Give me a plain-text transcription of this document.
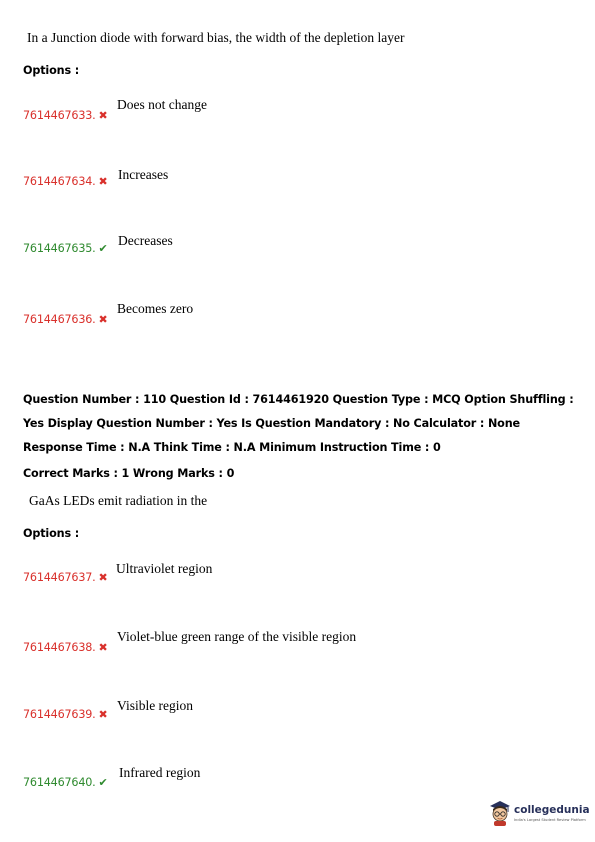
In a Junction diode with forward bias, the width of the depletion layer
Options :
Does not change
7614467633. ✖
Increases
7614467634. ✖
Decreases
7614467635. ✔
Becomes zero
7614467636. ✖
Question Number : 110 Question Id : 7614461920 Question Type : MCQ Option Shuffling : Yes Display Question Number : Yes Is Question Mandatory : No Calculator : None Response Time : N.A Think Time : N.A Minimum Instruction Time : 0
Correct Marks : 1 Wrong Marks : 0
GaAs LEDs emit radiation in the
Options :
Ultraviolet region
7614467637. ✖
Violet-blue green range of the visible region
7614467638. ✖
Visible region
7614467639. ✖
Infrared region
7614467640. ✔
collegedunia
India's Largest Student Review Platform
